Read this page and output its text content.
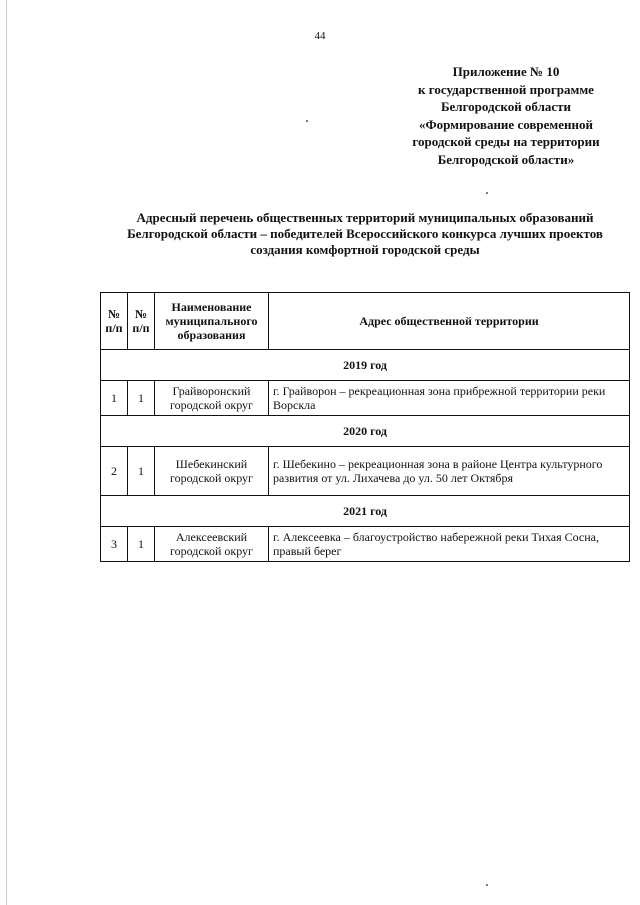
44
Приложение № 10
к государственной программе
Белгородской области
«Формирование современной
городской среды на территории
Белгородской области»
Адресный перечень общественных территорий муниципальных образований
Белгородской области – победителей Всероссийского конкурса лучших проектов
создания комфортной городской среды
№ п/п	№ п/п	Наименование муниципального образования	Адрес общественной территории
2019 год			
1	1	Грайворонский городской округ	г. Грайворон – рекреационная зона прибрежной территории реки Ворскла
2020 год			
2	1	Шебекинский городской округ	г. Шебекино – рекреационная зона в районе Центра культурного развития от ул. Лихачева до ул. 50 лет Октября
2021 год			
3	1	Алексеевский городской округ	г. Алексеевка – благоустройство набережной реки Тихая Сосна, правый берег
